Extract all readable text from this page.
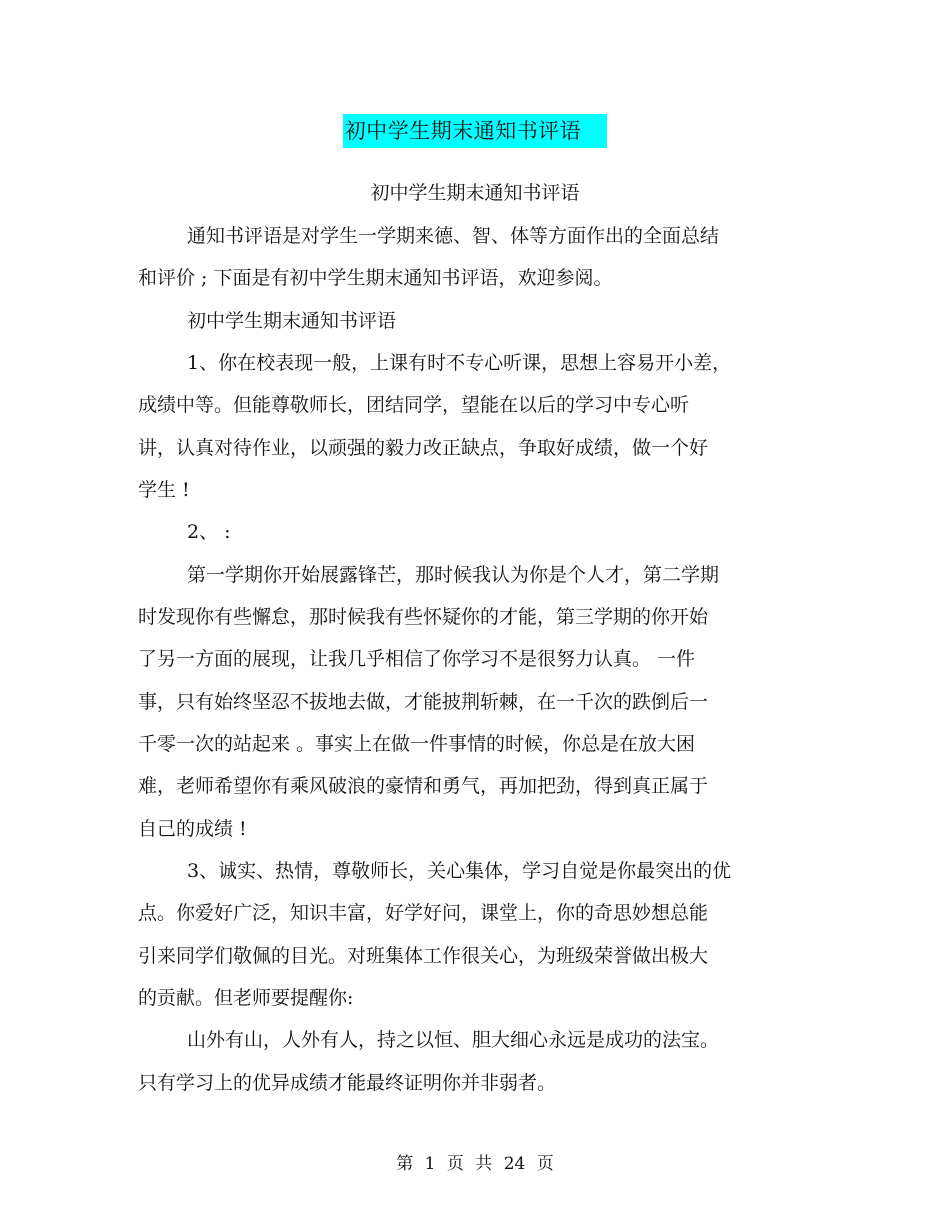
初中学生期末通知书评语
初中学生期末通知书评语
通知书评语是对学生一学期来德、智、体等方面作出的全面总结
和评价 ; 下面是有初中学生期末通知书评语，欢迎参阅。
初中学生期末通知书评语
1、你在校表现一般，上课有时不专心听课，思想上容易开小差，
成绩中等。但能尊敬师长，团结同学，望能在以后的学习中专心听
讲，认真对待作业，以顽强的毅力改正缺点，争取好成绩，做一个好
学生 !
2、 :
第一学期你开始展露锋芒，那时候我认为你是个人才，第二学期
时发现你有些懈怠，那时候我有些怀疑你的才能，第三学期的你开始
了另一方面的展现，让我几乎相信了你学习不是很努力认真。 一件
事，只有始终坚忍不拔地去做，才能披荆斩棘，在一千次的跌倒后一
千零一次的站起来 。事实上在做一件事情的时候，你总是在放大困
难，老师希望你有乘风破浪的豪情和勇气，再加把劲，得到真正属于
自己的成绩 !
3、诚实、热情，尊敬师长，关心集体，学习自觉是你最突出的优
点。你爱好广泛，知识丰富，好学好问，课堂上，你的奇思妙想总能
引来同学们敬佩的目光。对班集体工作很关心，为班级荣誉做出极大
的贡献。但老师要提醒你:
山外有山，人外有人，持之以恒、胆大细心永远是成功的法宝。
只有学习上的优异成绩才能最终证明你并非弱者。
第 1 页 共 24 页
